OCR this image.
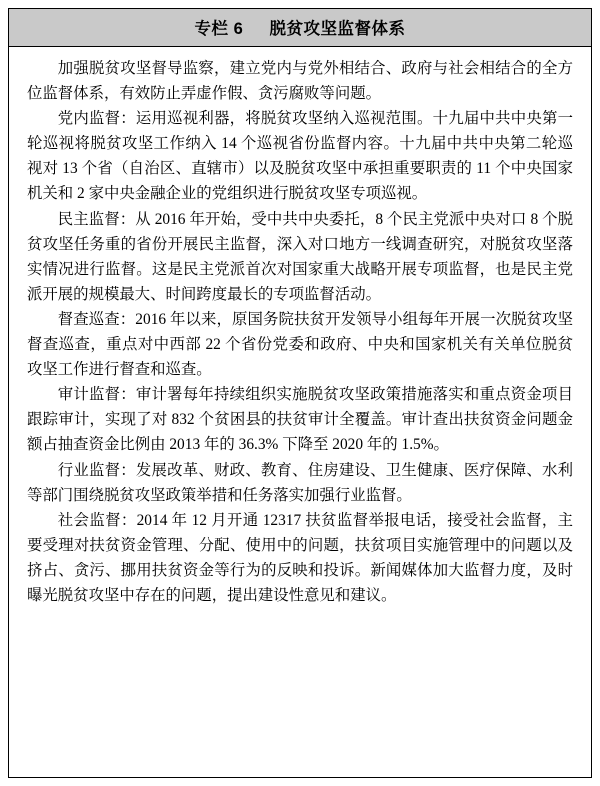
专栏 6 脱贫攻坚监督体系

加强脱贫攻坚督导监察，建立党内与党外相结合、政府与社会相结合的全方位监督体系，有效防止弄虚作假、贪污腐败等问题。

党内监督：运用巡视利器，将脱贫攻坚纳入巡视范围。十九届中共中央第一轮巡视将脱贫攻坚工作纳入 14 个巡视省份监督内容。十九届中共中央第二轮巡视对 13 个省（自治区、直辖市）以及脱贫攻坚中承担重要职责的 11 个中央国家机关和 2 家中央金融企业的党组织进行脱贫攻坚专项巡视。

民主监督：从 2016 年开始，受中共中央委托，8 个民主党派中央对口 8 个脱贫攻坚任务重的省份开展民主监督，深入对口地方一线调查研究，对脱贫攻坚落实情况进行监督。这是民主党派首次对国家重大战略开展专项监督，也是民主党派开展的规模最大、时间跨度最长的专项监督活动。

督查巡查：2016 年以来，原国务院扶贫开发领导小组每年开展一次脱贫攻坚督查巡查，重点对中西部 22 个省份党委和政府、中央和国家机关有关单位脱贫攻坚工作进行督查和巡查。

审计监督：审计署每年持续组织实施脱贫攻坚政策措施落实和重点资金项目跟踪审计，实现了对 832 个贫困县的扶贫审计全覆盖。审计查出扶贫资金问题金额占抽查资金比例由 2013 年的 36.3% 下降至 2020 年的 1.5%。

行业监督：发展改革、财政、教育、住房建设、卫生健康、医疗保障、水利等部门围绕脱贫攻坚政策举措和任务落实加强行业监督。

社会监督：2014 年 12 月开通 12317 扶贫监督举报电话，接受社会监督，主要受理对扶贫资金管理、分配、使用中的问题，扶贫项目实施管理中的问题以及挤占、贪污、挪用扶贫资金等行为的反映和投诉。新闻媒体加大监督力度，及时曝光脱贫攻坚中存在的问题，提出建设性意见和建议。
